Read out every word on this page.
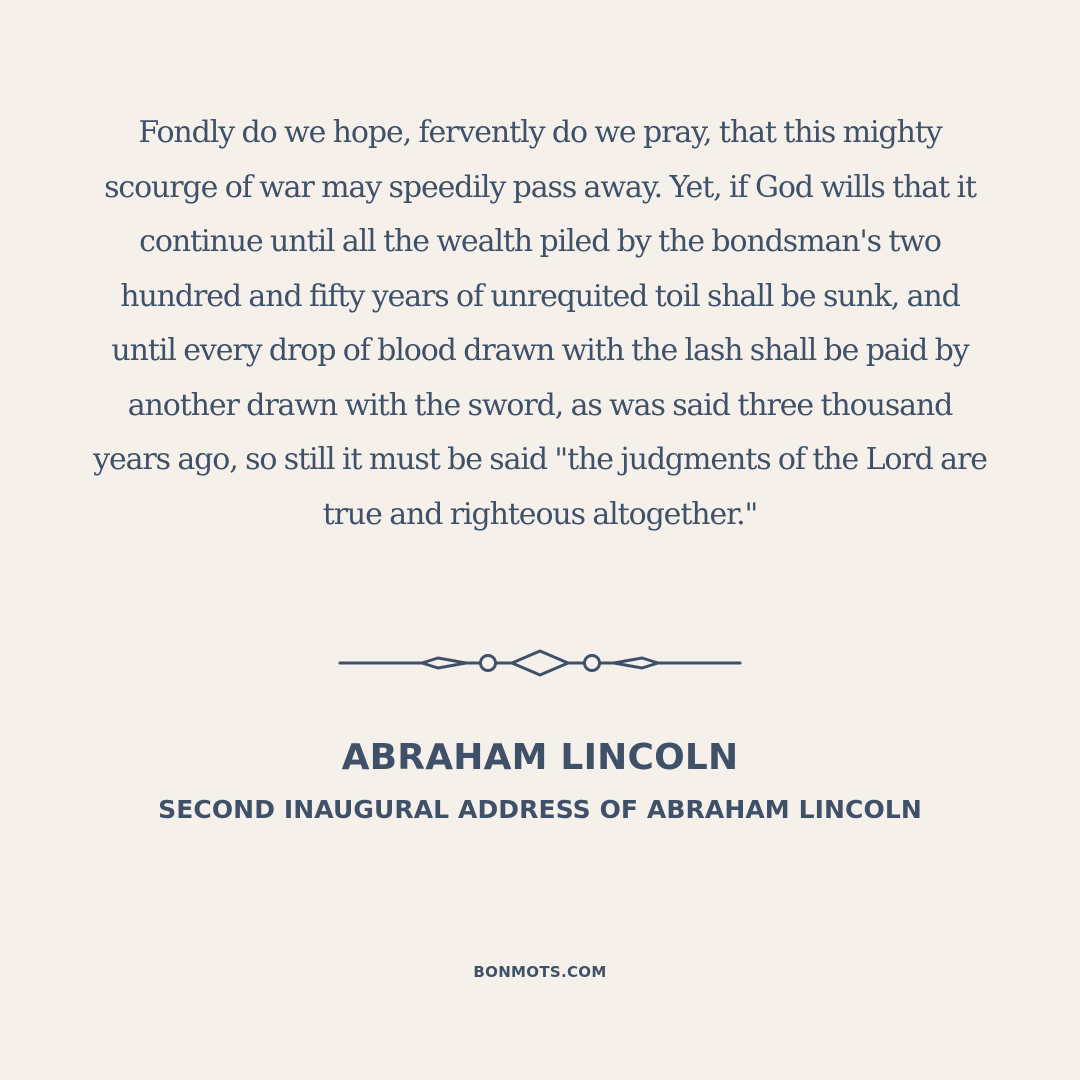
Fondly do we hope, fervently do we pray, that this mighty scourge of war may speedily pass away. Yet, if God wills that it continue until all the wealth piled by the bondsman's two hundred and fifty years of unrequited toil shall be sunk, and until every drop of blood drawn with the lash shall be paid by another drawn with the sword, as was said three thousand years ago, so still it must be said "the judgments of the Lord are true and righteous altogether."

ABRAHAM LINCOLN
SECOND INAUGURAL ADDRESS OF ABRAHAM LINCOLN
BONMOTS.COM
